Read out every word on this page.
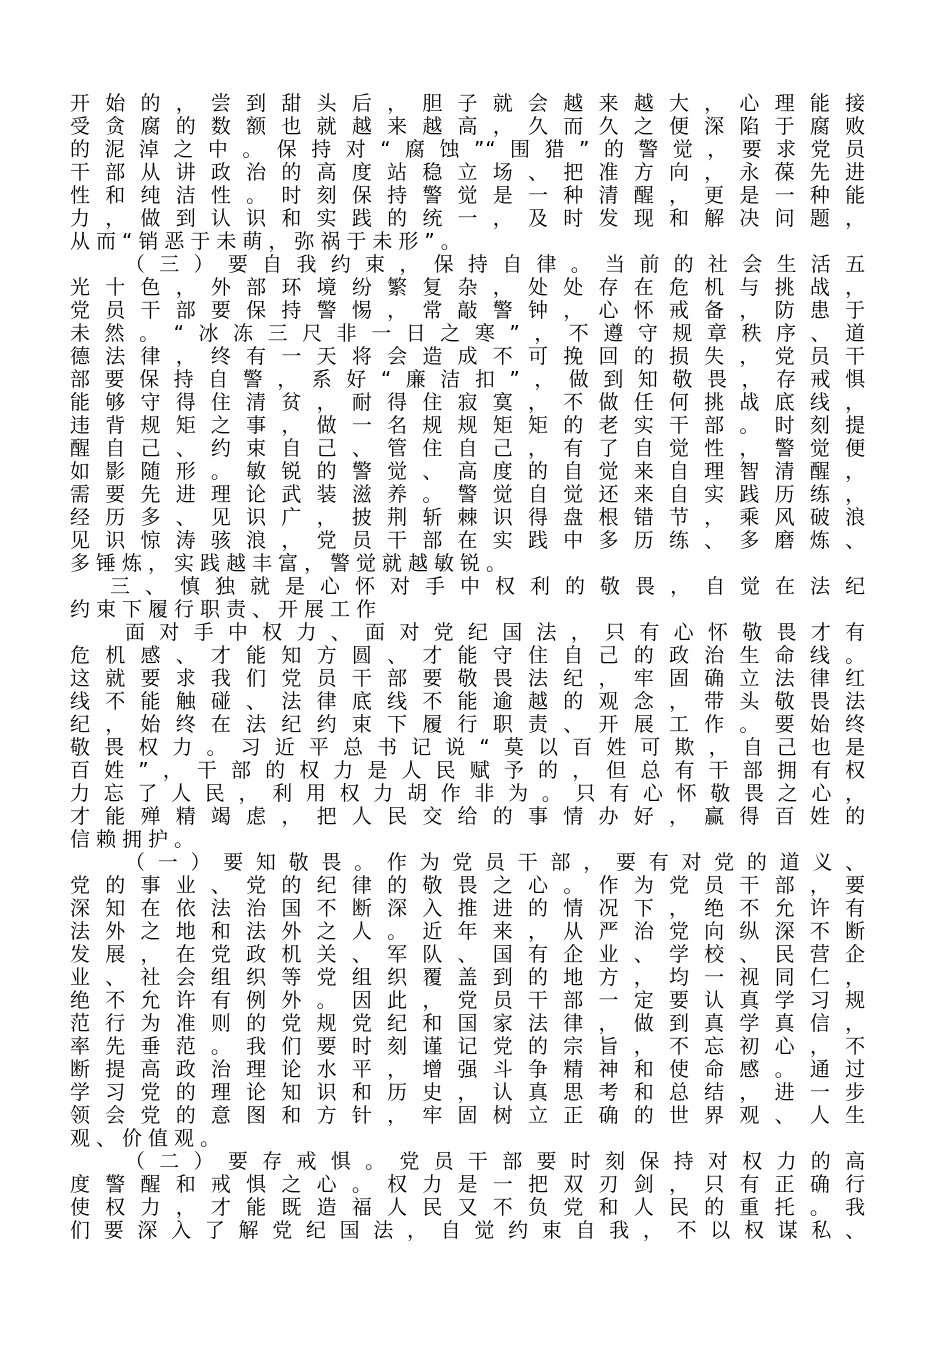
开始的，尝到甜头后，胆子就会越来越大，心理能接
受贪腐的数额也就越来越高，久而久之便深陷于腐败
的泥淖之中。保持对“腐蚀”“围猎”的警觉，要求党员
干部从讲政治的高度站稳立场、把准方向，永葆先进
性和纯洁性。时刻保持警觉是一种清醒，更是一种能
力，做到认识和实践的统一，及时发现和解决问题，
从而“销恶于未萌，弥祸于未形”。
（三）要自我约束，保持自律。当前的社会生活五
光十色，外部环境纷繁复杂，处处存在危机与挑战，
党员干部要保持警惕，常敲警钟，心怀戒备，防患于
未然。“冰冻三尺非一日之寒”，不遵守规章秩序、道
德法律，终有一天将会造成不可挽回的损失，党员干
部要保持自警，系好“廉洁扣”，做到知敬畏，存戒惧
能够守得住清贫，耐得住寂寞，不做任何挑战底线，
违背规矩之事，做一名规规矩矩的老实干部。时刻提
醒自己、约束自己、管住自己，有了自觉性，警觉便
如影随形。敏锐的警觉、高度的自觉来自理智清醒，
需要先进理论武装滋养。警觉自觉还来自实践历练，
经历多、见识广，披荆斩棘识得盘根错节，乘风破浪
见识惊涛骇浪，党员干部在实践中多历练、多磨炼、
多锤炼，实践越丰富，警觉就越敏锐。
三、慎独就是心怀对手中权利的敬畏，自觉在法纪
约束下履行职责、开展工作
面对手中权力、面对党纪国法，只有心怀敬畏才有
危机感、才能知方圆、才能守住自己的政治生命线。
这就要求我们党员干部要敬畏法纪，牢固确立法律红
线不能触碰、法律底线不能逾越的观念，带头敬畏法
纪，始终在法纪约束下履行职责、开展工作。要始终
敬畏权力。习近平总书记说“莫以百姓可欺，自己也是
百姓”，干部的权力是人民赋予的，但总有干部拥有权
力忘了人民，利用权力胡作非为。只有心怀敬畏之心，
才能殚精竭虑，把人民交给的事情办好，赢得百姓的
信赖拥护。
（一）要知敬畏。作为党员干部，要有对党的道义、
党的事业、党的纪律的敬畏之心。作为党员干部，要
深知在依法治国不断深入推进的情况下，绝不允许有
法外之地和法外之人。近年来，从严治党向纵深不断
发展，在党政机关、军队、国有企业、学校、民营企
业、社会组织等党组织覆盖到的地方，均一视同仁，
绝不允许有例外。因此，党员干部一定要认真学习规
范行为准则的党规党纪和国家法律，做到真学真信，
率先垂范。我们要时刻谨记党的宗旨，不忘初心，不
断提高政治理论水平，增强斗争精神和使命感。通过
学习党的理论知识和历史，认真思考和总结，进一步
领会党的意图和方针，牢固树立正确的世界观、人生
观、价值观。
（二）要存戒惧。党员干部要时刻保持对权力的高
度警醒和戒惧之心。权力是一把双刃剑，只有正确行
使权力，才能既造福人民又不负党和人民的重托。我
们要深入了解党纪国法，自觉约束自我，不以权谋私、
